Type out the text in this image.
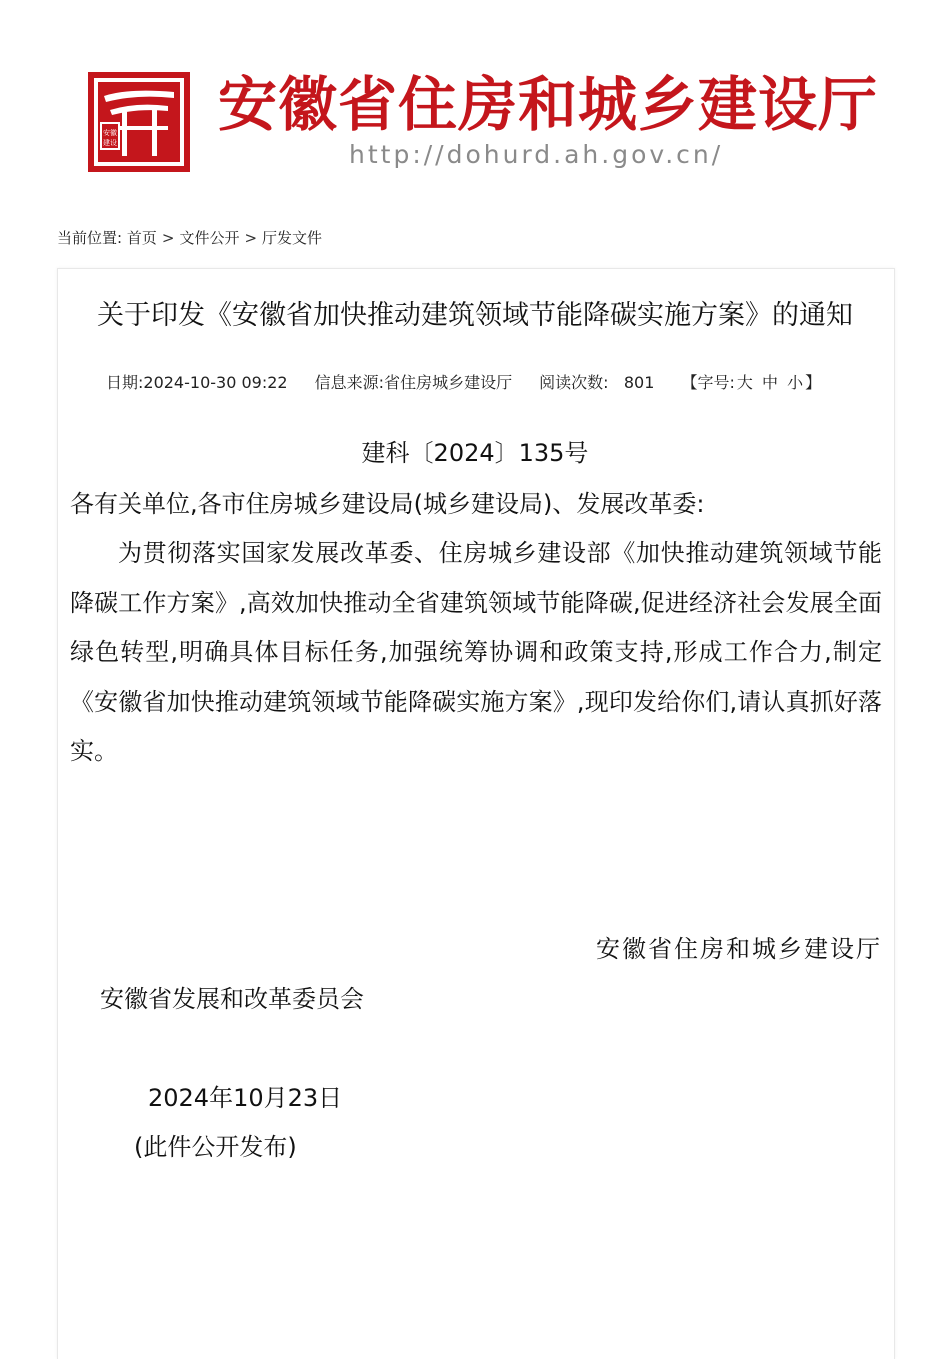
安徽
建设
安徽省住房和城乡建设厅
http://dohurd.ah.gov.cn/
当前位置: 首页 > 文件公开 > 厅发文件
关于印发《安徽省加快推动建筑领域节能降碳实施方案》的通知
日期:2024-10-30 09:22 信息来源:省住房城乡建设厅 阅读次数: 801 【字号: 大 中 小 】
建科〔2024〕135号
各有关单位,各市住房城乡建设局(城乡建设局)、发展改革委:
为贯彻落实国家发展改革委、住房城乡建设部《加快推动建筑领域节能降碳工作方案》,高效加快推动全省建筑领域节能降碳,促进经济社会发展全面绿色转型,明确具体目标任务,加强统筹协调和政策支持,形成工作合力,制定《安徽省加快推动建筑领域节能降碳实施方案》,现印发给你们,请认真抓好落实。
安徽省住房和城乡建设厅
安徽省发展和改革委员会
2024年10月23日
(此件公开发布)
